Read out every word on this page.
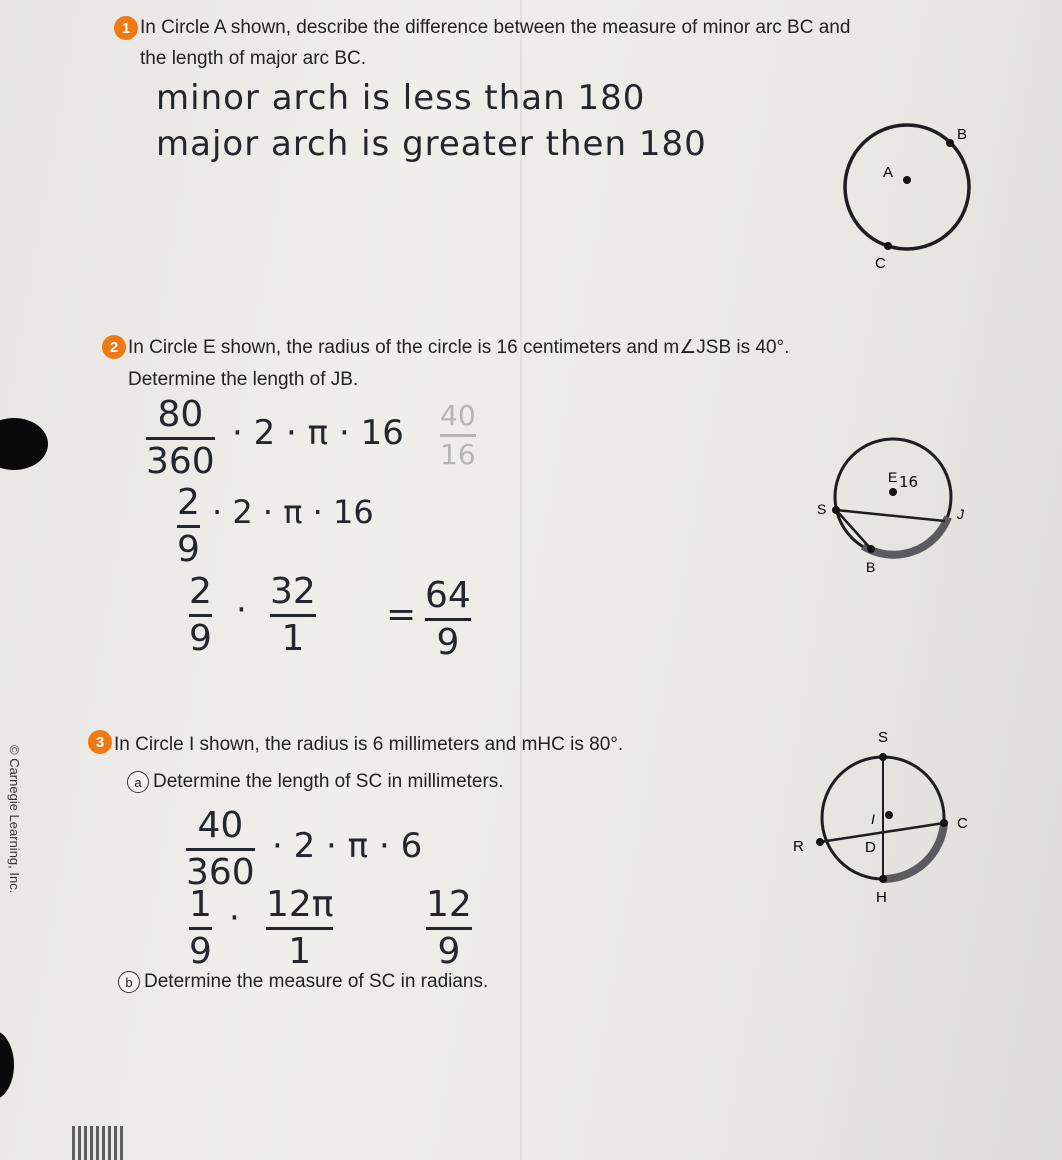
© Carnegie Learning, Inc.
1 In Circle A shown, describe the difference between the measure of minor arc BC and
the length of major arc BC.
minor arch is less than 180
major arch is greater then 180	B
A
C
2 In Circle E shown, the radius of the circle is 16 centimeters and m∠JSB is 40°.
Determine the length of JB.
80
360
· 2 · π · 16 40
16
2
9
· 2 · π · 16
2
9
· 32
1
= 64
9
E 16
S	J
B
3 In Circle I shown, the radius is 6 millimeters and mHC is 80°.
a Determine the length of SC in millimeters.
40
360
· 2 · π · 6
1
9
· 12π
1
12
9
b Determine the measure of SC in radians.
S
I	C
R	D
H
